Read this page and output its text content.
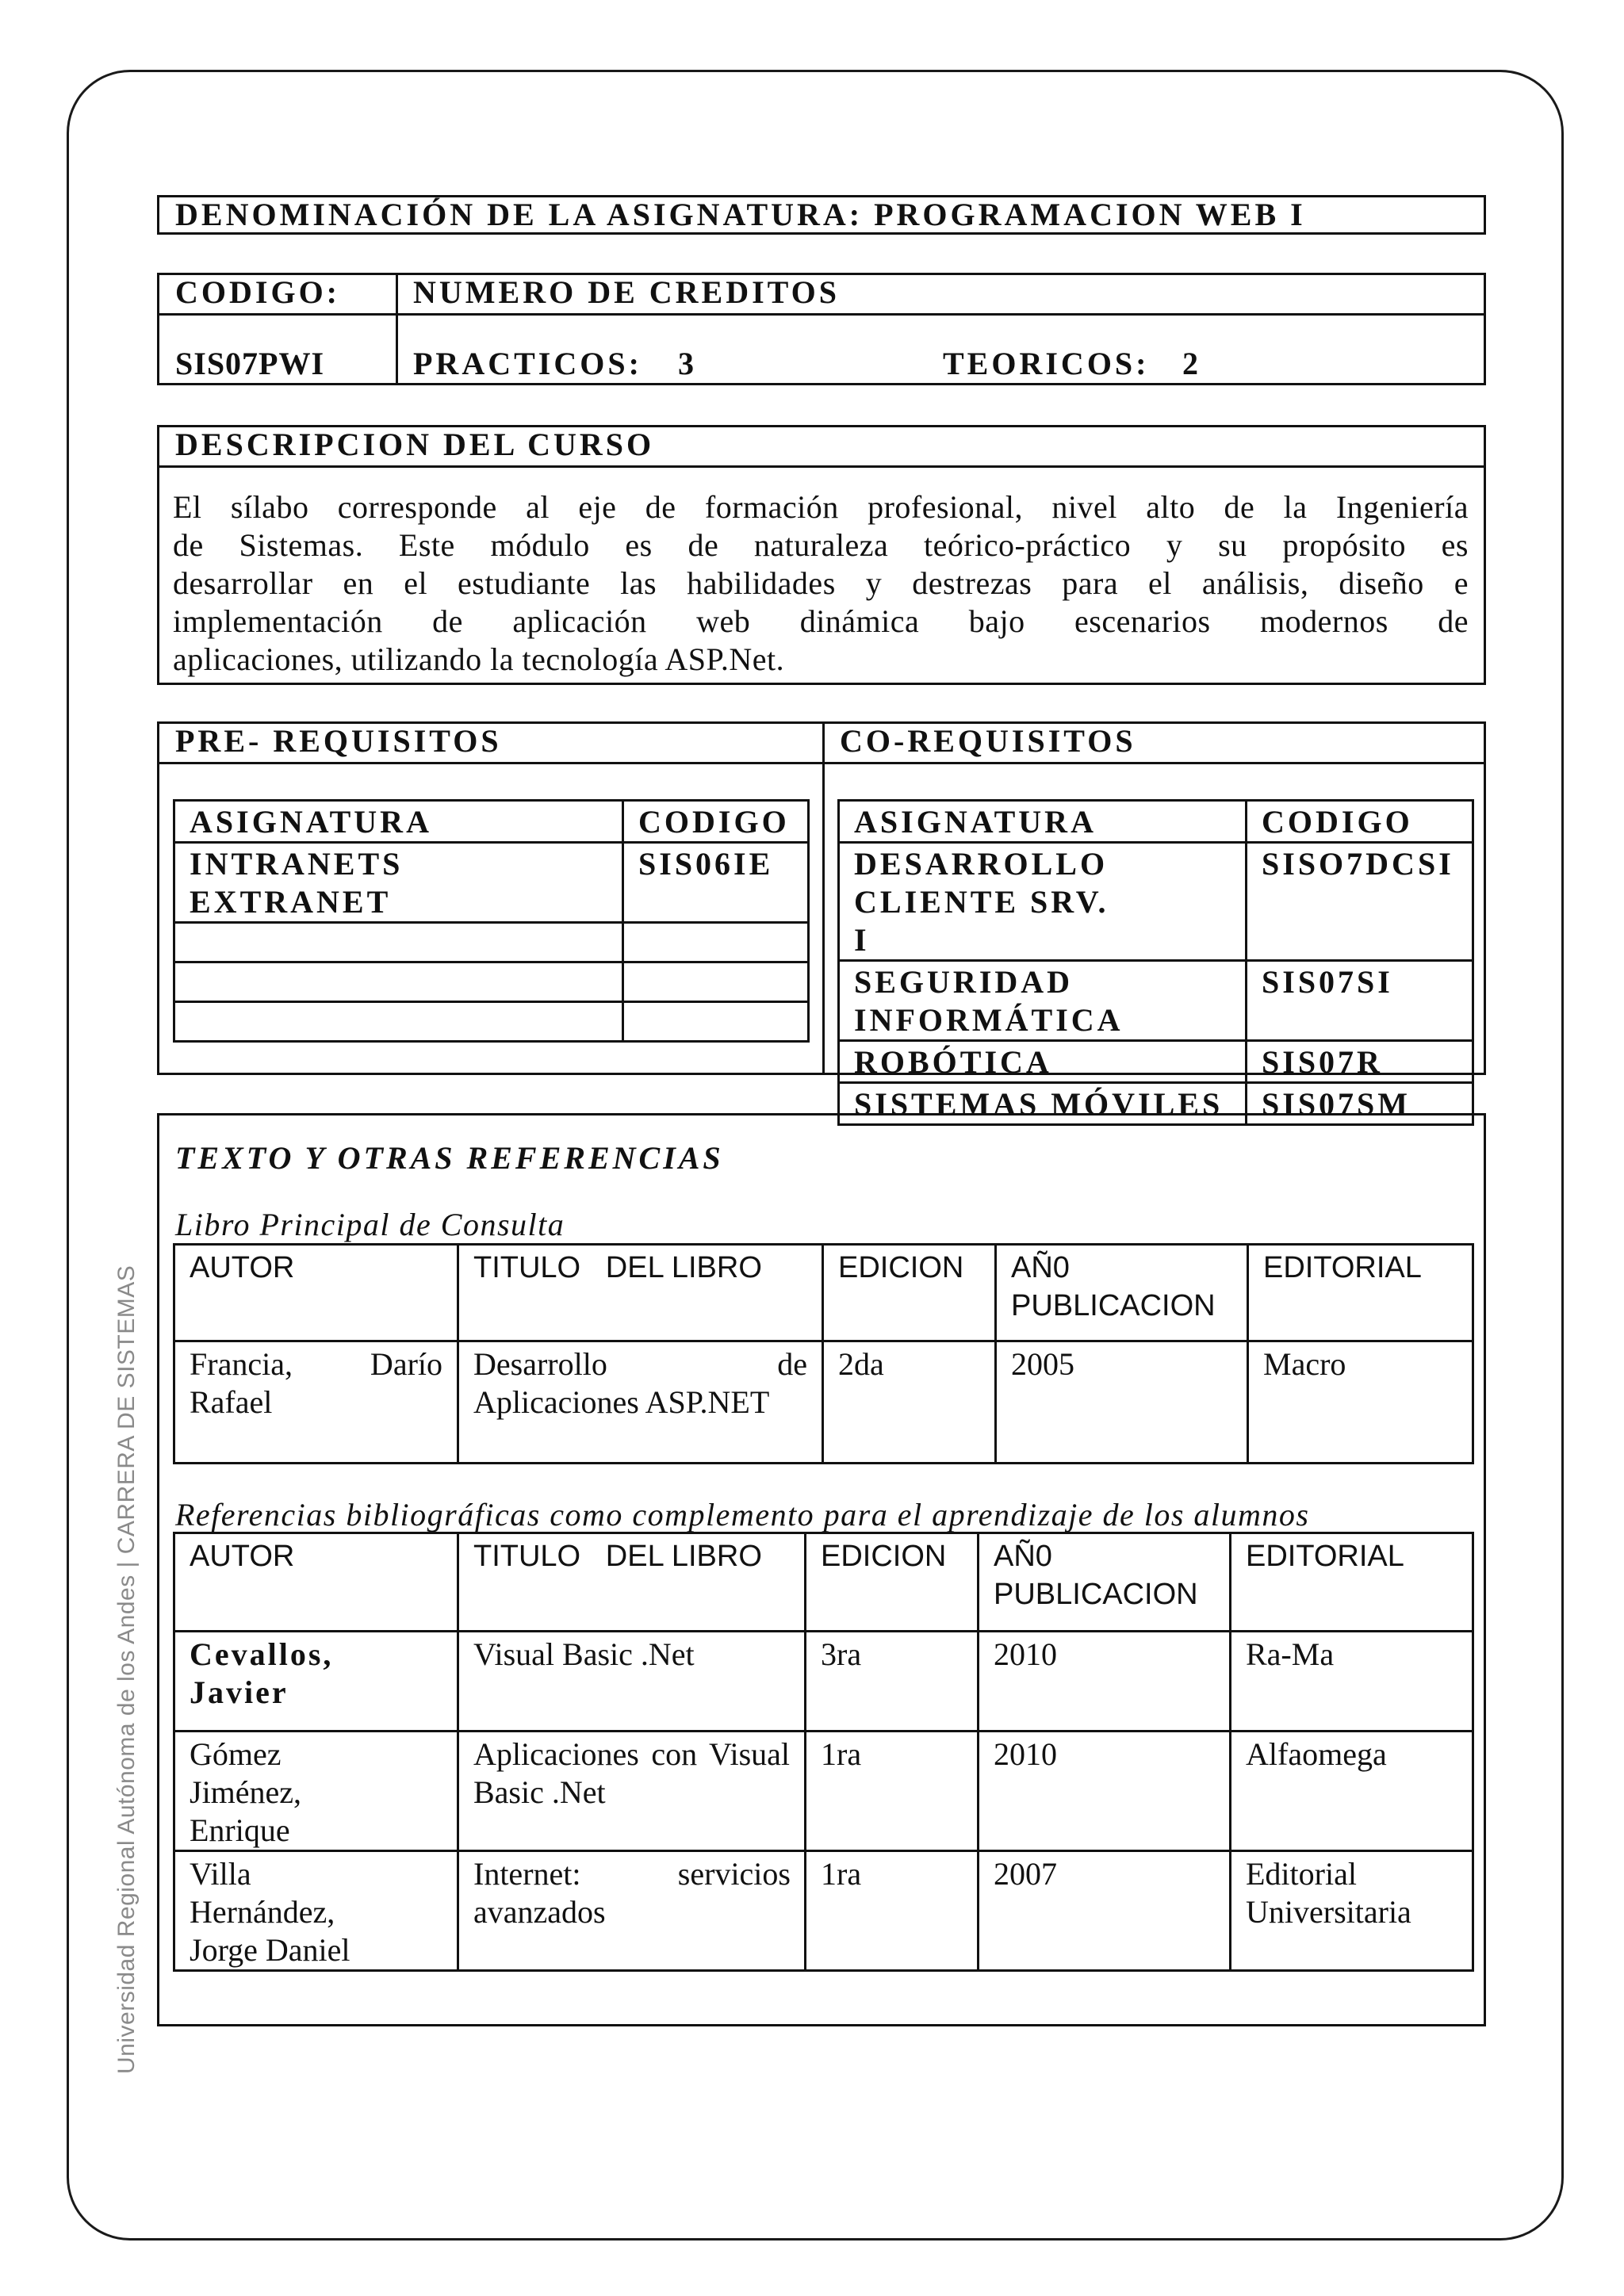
Universidad Regional Autónoma de los Andes | CARRERA DE SISTEMAS
DENOMINACIÓN DE LA ASIGNATURA: PROGRAMACION WEB I
CODIGO: NUMERO DE CREDITOS
SIS07PWI	PRACTICOS: 3	TEORICOS: 2
DESCRIPCION DEL CURSO
El sílabo corresponde al eje de formación profesional, nivel alto de la Ingeniería
de Sistemas. Este módulo es de naturaleza teórico-práctico y su propósito es
desarrollar en el estudiante las habilidades y destrezas para el análisis, diseño e
implementación de aplicación web dinámica bajo escenarios modernos de
aplicaciones, utilizando la tecnología ASP.Net.
PRE- REQUISITOS	CO-REQUISITOS
ASIGNATURA	CODIGO
INTRANETS EXTRANET	SIS06IE

ASIGNATURA	CODIGO

DESARROLLO CLIENTE SRV. I	SISO7DCSI

SEGURIDAD INFORMÁTICA	SIS07SI
ROBÓTICA	SIS07R
SISTEMAS MÓVILES	SIS07SM
TEXTO Y OTRAS REFERENCIAS
Libro Principal de Consulta
Referencias bibliográficas como complemento para el aprendizaje de los alumnos
AUTOR	TITULO   DEL LIBRO	EDICION	AÑ0 PUBLICACION	EDITORIAL

Francia, Darío Rafael	Desarrollo de Aplicaciones ASP.NET	2da	2005	Macro
AUTOR	TITULO   DEL LIBRO	EDICION	AÑ0 PUBLICACION	EDITORIAL

Cevallos, Javier	Visual Basic .Net	3ra	2010	Ra-Ma

Gómez Jiménez, Enrique	Aplicaciones con Visual Basic .Net	1ra	2010	Alfaomega

Villa Hernández, Jorge Daniel	Internet: servicios avanzados	1ra	2007	Editorial Universitaria
